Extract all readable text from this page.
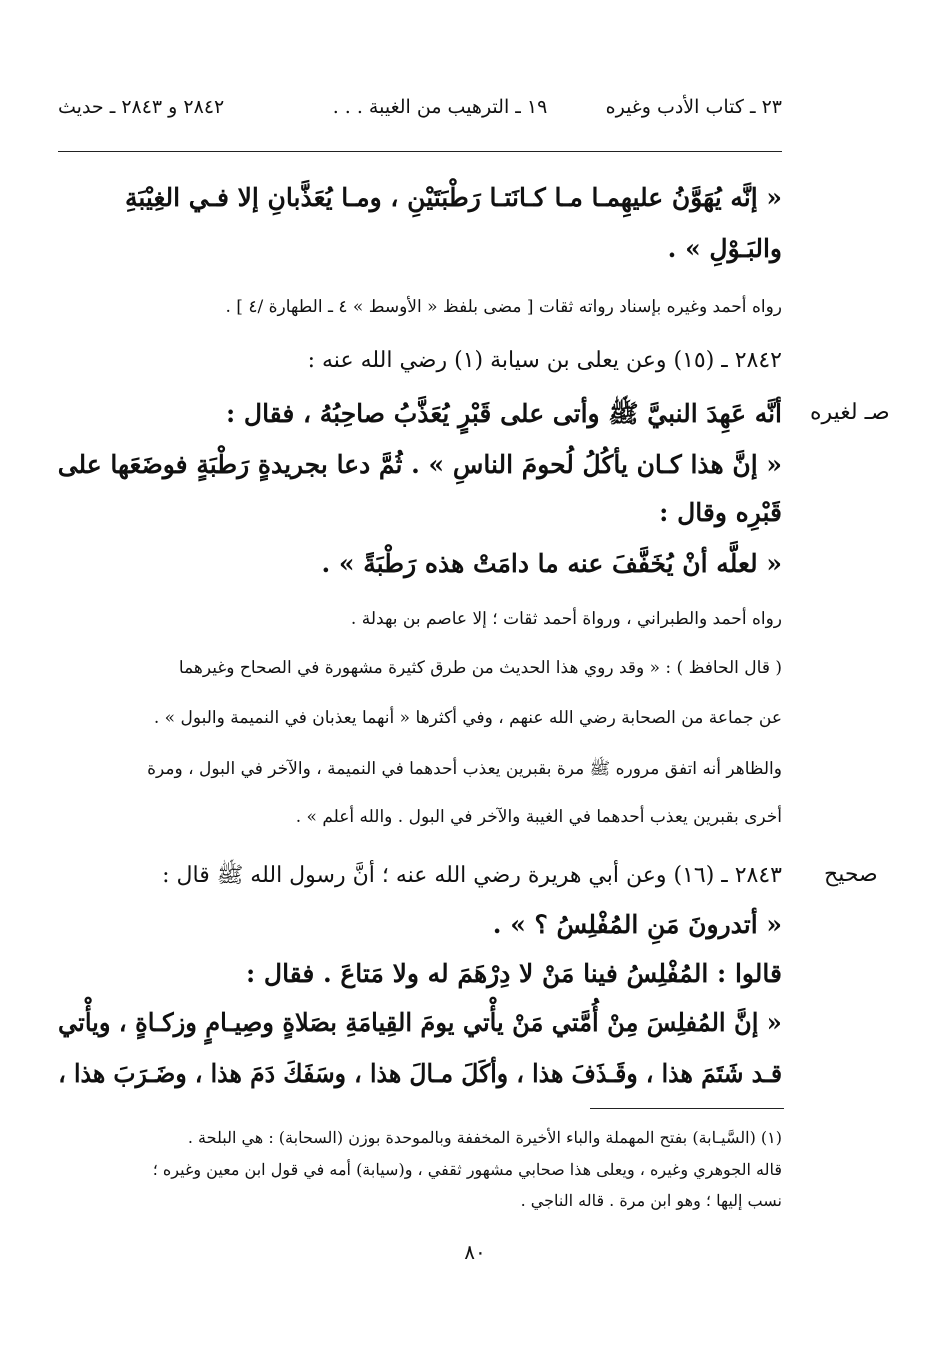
٢٣ ـ كتاب الأدب وغيره
١٩ ـ الترهيب من الغيبة . . .
٢٨٤٢ و ٢٨٤٣ ـ حديث
« إنَّه يُهَوَّنُ عليهِمـا مـا كـانَتـا رَطْبَتَيْنِ ، ومـا يُعَذَّبانِ إلا فـي الغِيْبَةِ
والبَـوْلِ » .
رواه أحمد وغيره بإسناد رواته ثقات [ مضى بلفظ « الأوسط » ٤ ـ الطهارة /٤ ] .
٢٨٤٢ ـ (١٥) وعن يعلى بن سيابة (١) رضي الله عنه :
صـ لغيره
أنَّه عَهِدَ النبيَّ ﷺ وأتى على قَبْرٍ يُعَذَّبُ صاحِبُهُ ، فقال :
« إنَّ هذا كـان يأكُلُ لُحومَ الناسِ » . ثُمَّ دعا بجريدةٍ رَطْبَةٍ فوضَعَها على
قَبْرِه وقال :
« لعلَّه أنْ يُخَفَّفَ عنه ما دامَتْ هذه رَطْبَةً » .
رواه أحمد والطبراني ، ورواة أحمد ثقات ؛ إلا عاصم بن بهدلة .
( قال الحافظ ) : « وقد روي هذا الحديث من طرق كثيرة مشهورة في الصحاح وغيرهما
عن جماعة من الصحابة رضي الله عنهم ، وفي أكثرها « أنهما يعذبان في النميمة والبول » .
والظاهر أنه اتفق مروره ﷺ مرة بقبرين يعذب أحدهما في النميمة ، والآخر في البول ، ومرة
أخرى بقبرين يعذب أحدهما في الغيبة والآخر في البول . والله أعلم » .
٢٨٤٣ ـ (١٦) وعن أبي هريرة رضي الله عنه ؛ أنَّ رسول الله ﷺ قال : صحيح
« أتدرونَ مَنِ المُفْلِسُ ؟ » .
قالوا : المُفْلِسُ فينا مَنْ لا دِرْهَمَ له ولا مَتاعَ . فقال :
« إنَّ المُفلِسَ مِنْ أُمَّتي مَنْ يأْتي يومَ القِيامَةِ بصَلاةٍ وصِيـامٍ وزكـاةٍ ، ويأْتي
قـد شَتَمَ هذا ، وقَـذَفَ هذا ، وأكَلَ مـالَ هذا ، وسَفَكَ دَمَ هذا ، وضَـرَبَ هذا ،
(١) (السَّيـابة) بفتح المهملة والباء الأخيرة المخففة وبالموحدة بوزن (السحابة) : هي البلحة .
قاله الجوهري وغيره ، ويعلى هذا صحابي مشهور ثقفي ، و(سيابة) أمه في قول ابن معين وغيره ؛
نسب إليها ؛ وهو ابن مرة . قاله الناجي .
٨٠
